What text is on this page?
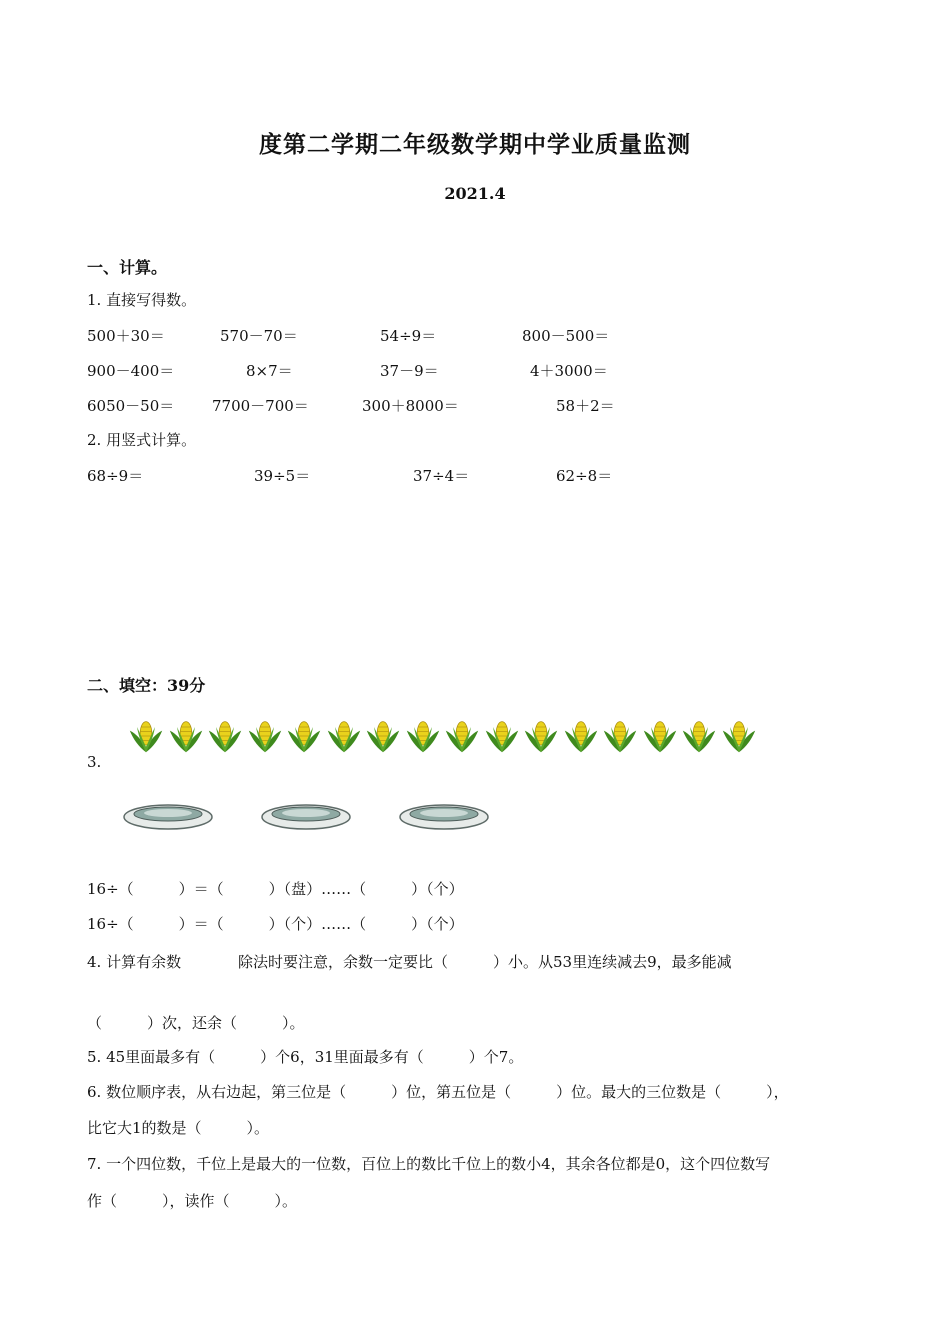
度第二学期二年级数学期中学业质量监测
2021.4
一、计算。
1. 直接写得数。
500＋30＝	570－70＝	54÷9＝	800－500＝
900－400＝	8×7＝	37－9＝	4＋3000＝
6050－50＝	7700－700＝	300＋8000＝	58＋2＝
2. 用竖式计算。
68÷9＝	39÷5＝	37÷4＝	62÷8＝
二、填空：39分
3.
16÷（　　　）＝（　　　）（盘）……（　　　）（个）
16÷（　　　）＝（　　　）（个）……（　　　）（个）
4. 计算有余数	除法时要注意，余数一定要比（　　　）小。从53里连续减去9，最多能减
（　　　）次，还余（　　　）。
5. 45里面最多有（　　　）个6，31里面最多有（　　　）个7。
6. 数位顺序表，从右边起，第三位是（　　　）位，第五位是（　　　）位。最大的三位数是（　　　），
比它大1的数是（　　　）。
7. 一个四位数，千位上是最大的一位数，百位上的数比千位上的数小4，其余各位都是0，这个四位数写
作（　　　），读作（　　　）。
